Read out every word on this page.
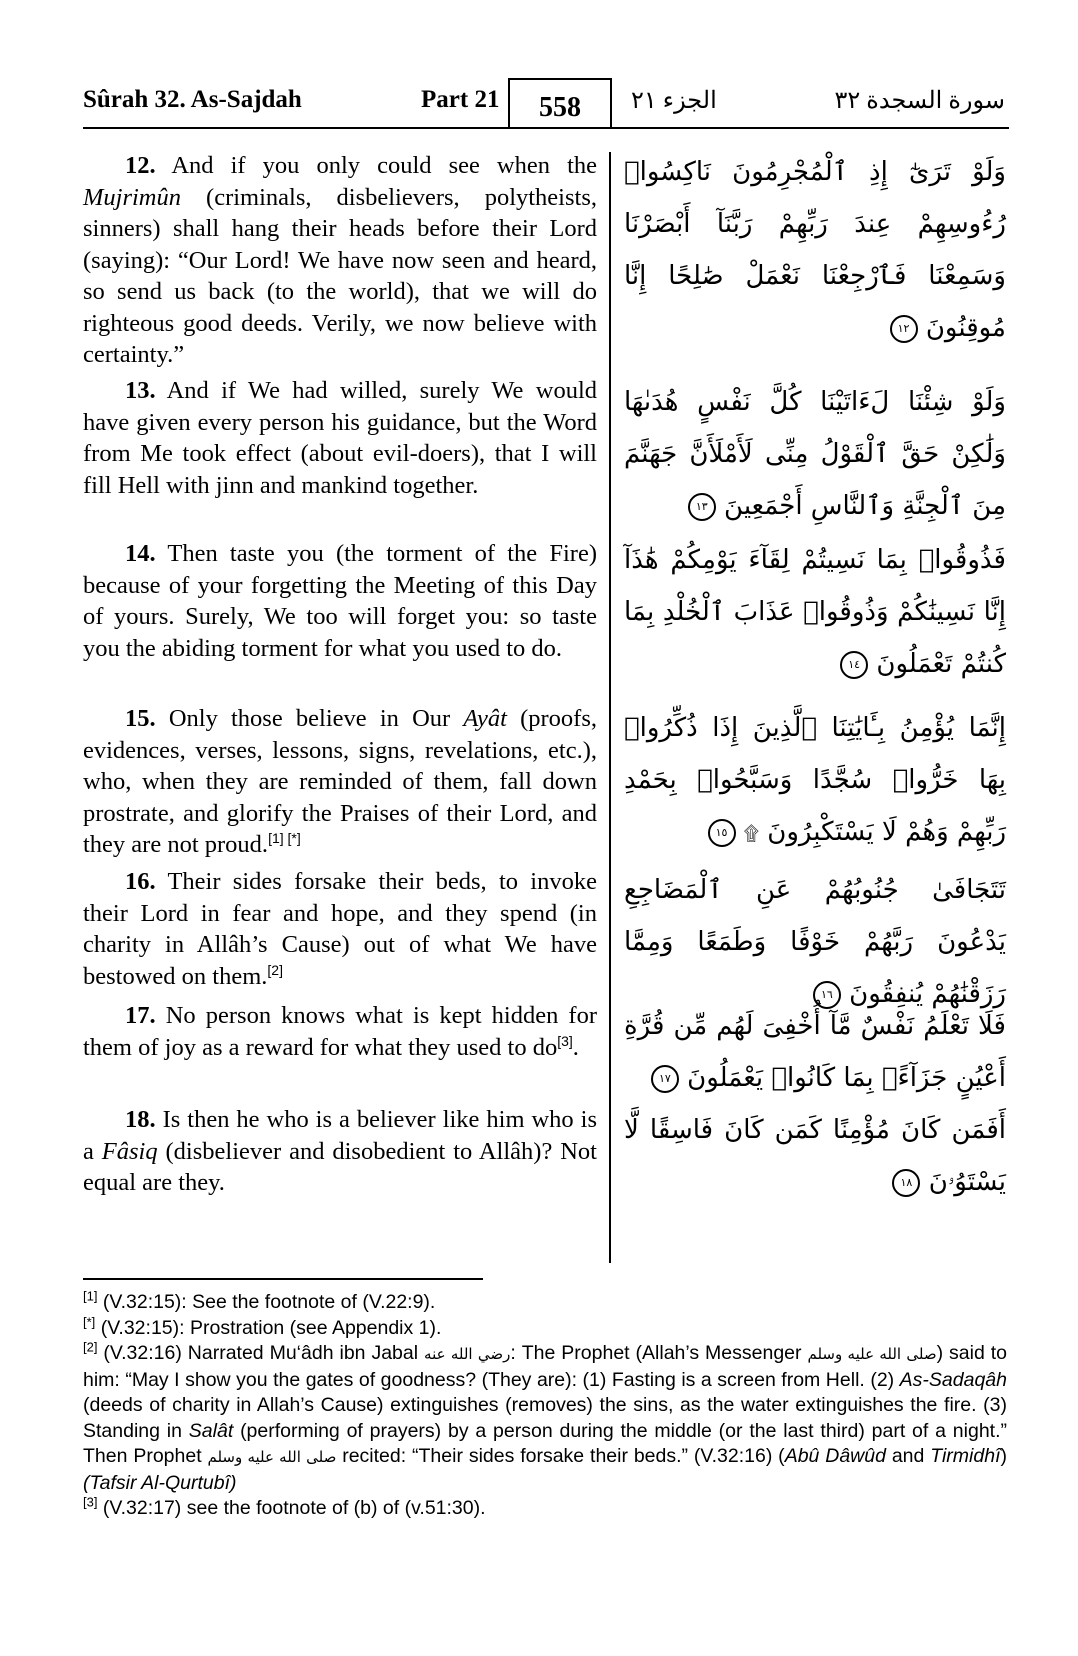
Sûrah 32. As-Sajdah	Part 21	558	الجزء ٢١	سورة السجدة ٣٢

12. And if you only could see when the Mujrimûn (criminals, disbelievers, polytheists, sinners) shall hang their heads before their Lord (saying): “Our Lord! We have now seen and heard, so send us back (to the world), that we will do righteous good deeds. Verily, we now believe with certainty.”

13. And if We had willed, surely We would have given every person his guidance, but the Word from Me took effect (about evil-doers), that I will fill Hell with jinn and mankind together.

14. Then taste you (the torment of the Fire) because of your forgetting the Meeting of this Day of yours. Surely, We too will forget you: so taste you the abiding torment for what you used to do.

15. Only those believe in Our Ayât (proofs, evidences, verses, lessons, signs, revelations, etc.), who, when they are reminded of them, fall down prostrate, and glorify the Praises of their Lord, and they are not proud.[1] [*]

16. Their sides forsake their beds, to invoke their Lord in fear and hope, and they spend (in charity in Allâh’s Cause) out of what We have bestowed on them.[2]

17. No person knows what is kept hidden for them of joy as a reward for what they used to do[3].

18. Is then he who is a believer like him who is a Fâsiq (disbeliever and disobedient to Allâh)? Not equal are they.

وَلَوْ تَرَىٰٓ إِذِ ٱلْمُجْرِمُونَ نَاكِسُوا۟ رُءُوسِهِمْ عِندَ رَبِّهِمْ رَبَّنَآ أَبْصَرْنَا وَسَمِعْنَا فَٱرْجِعْنَا نَعْمَلْ صَٰلِحًا إِنَّا مُوقِنُونَ ١٢

وَلَوْ شِئْنَا لَءَاتَيْنَا كُلَّ نَفْسٍ هُدَىٰهَا وَلَٰكِنْ حَقَّ ٱلْقَوْلُ مِنِّى لَأَمْلَأَنَّ جَهَنَّمَ مِنَ ٱلْجِنَّةِ وَٱلنَّاسِ أَجْمَعِينَ ١٣

فَذُوقُوا۟ بِمَا نَسِيتُمْ لِقَآءَ يَوْمِكُمْ هَٰذَآ إِنَّا نَسِينَٰكُمْ وَذُوقُوا۟ عَذَابَ ٱلْخُلْدِ بِمَا كُنتُمْ تَعْمَلُونَ ١٤

إِنَّمَا يُؤْمِنُ بِـَٔايَٰتِنَا ٱلَّذِينَ إِذَا ذُكِّرُوا۟ بِهَا خَرُّوا۟ سُجَّدًا وَسَبَّحُوا۟ بِحَمْدِ رَبِّهِمْ وَهُمْ لَا يَسْتَكْبِرُونَ ۩ ١٥

تَتَجَافَىٰ جُنُوبُهُمْ عَنِ ٱلْمَضَاجِعِ يَدْعُونَ رَبَّهُمْ خَوْفًا وَطَمَعًا وَمِمَّا رَزَقْنَٰهُمْ يُنفِقُونَ ١٦

فَلَا تَعْلَمُ نَفْسٌ مَّآ أُخْفِىَ لَهُم مِّن قُرَّةِ أَعْيُنٍ جَزَآءًۢ بِمَا كَانُوا۟ يَعْمَلُونَ ١٧

أَفَمَن كَانَ مُؤْمِنًا كَمَن كَانَ فَاسِقًا لَّا يَسْتَوُۥنَ ١٨

[1] (V.32:15): See the footnote of (V.22:9).

[*] (V.32:15): Prostration (see Appendix 1).

[2] (V.32:16) Narrated Mu‘âdh ibn Jabal رضي الله عنه: The Prophet (Allah’s Messenger صلى الله عليه وسلم) said to him: “May I show you the gates of goodness? (They are): (1) Fasting is a screen from Hell. (2) As-Sadaqâh (deeds of charity in Allah’s Cause) extinguishes (removes) the sins, as the water extinguishes the fire. (3) Standing in Salât (performing of prayers) by a person during the middle (or the last third) part of a night.” Then Prophet صلى الله عليه وسلم recited: “Their sides forsake their beds.” (V.32:16) (Abû Dâwûd and Tirmidhî) (Tafsir Al-Qurtubî)

[3] (V.32:17) see the footnote of (b) of (v.51:30).
